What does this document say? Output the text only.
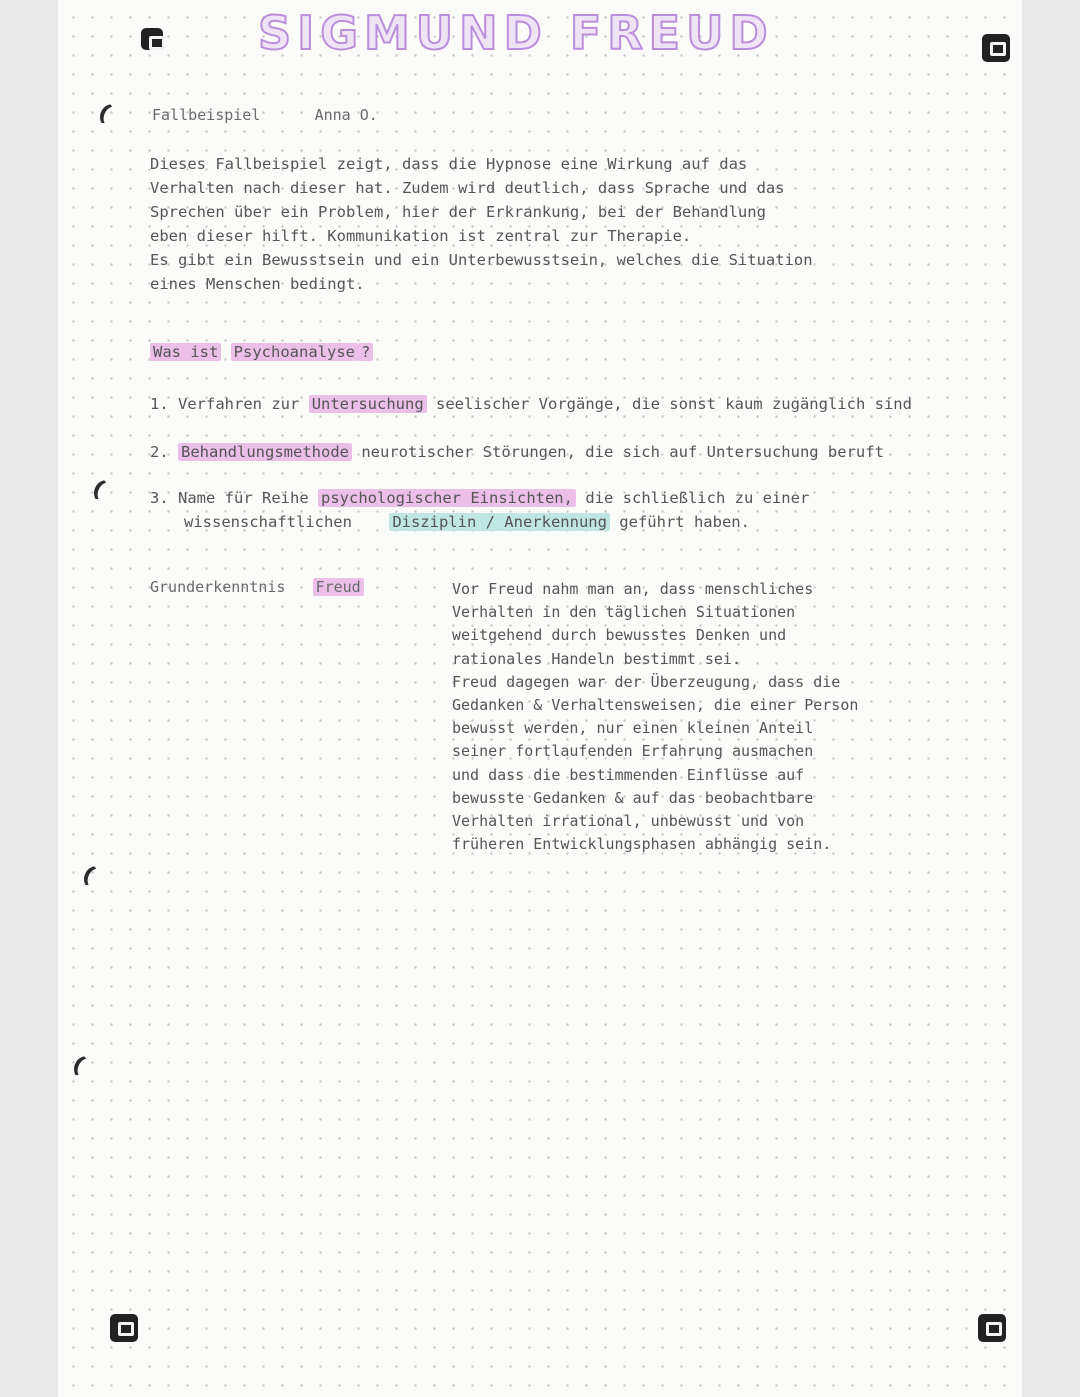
SIGMUND FREUD
Fallbeispiel	Anna O.
Dieses Fallbeispiel zeigt, dass die Hypnose eine Wirkung auf das
Verhalten nach dieser hat. Zudem wird deutlich, dass Sprache und das
Sprechen über ein Problem, hier der Erkrankung, bei der Behandlung
eben dieser hilft. Kommunikation ist zentral zur Therapie.
Es gibt ein Bewusstsein und ein Unterbewusstsein, welches die Situation
eines Menschen bedingt.
Was ist Psychoanalyse ?
1. Verfahren zur Untersuchung seelischer Vorgänge, die sonst kaum zugänglich sind
2. Behandlungsmethode neurotischer Störungen, die sich auf Untersuchung beruft
3. Name für Reihe psychologischer Einsichten, die schließlich zu einer
wissenschaftlichen	Disziplin / Anerkennung geführt haben.
Grunderkenntnis Freud	Vor Freud nahm man an, dass menschliches
Verhalten in den täglichen Situationen
weitgehend durch bewusstes Denken und
rationales Handeln bestimmt sei.
Freud dagegen war der Überzeugung, dass die
Gedanken & Verhaltensweisen, die einer Person
bewusst werden, nur einen kleinen Anteil
seiner fortlaufenden Erfahrung ausmachen
und dass die bestimmenden Einflüsse auf
bewusste Gedanken & auf das beobachtbare
Verhalten irrational, unbewusst und von
früheren Entwicklungsphasen abhängig sein.
